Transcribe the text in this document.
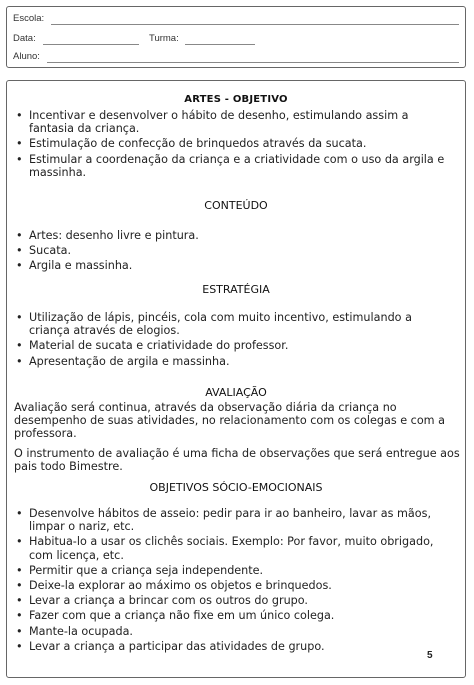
Escola:
Data:	Turma:
Aluno:
ARTES - OBJETIVO
• Incentivar e desenvolver o hábito de desenho, estimulando assim a fantasia da criança.
• Estimulação de confecção de brinquedos através da sucata.
• Estimular a coordenação da criança e a criatividade com o uso da argila e massinha.
CONTEÚDO
• Artes: desenho livre e pintura.
• Sucata.
• Argila e massinha.
ESTRATÉGIA
• Utilização de lápis, pincéis, cola com muito incentivo, estimulando a criança através de elogios.
• Material de sucata e criatividade do professor.
• Apresentação de argila e massinha.
AVALIAÇÃO

Avaliação será continua, através da observação diária da criança no desempenho de suas atividades, no relacionamento com os colegas e com a professora.

O instrumento de avaliação é uma ficha de observações que será entregue aos pais todo Bimestre.

OBJETIVOS SÓCIO-EMOCIONAIS
• Desenvolve hábitos de asseio: pedir para ir ao banheiro, lavar as mãos, limpar o nariz, etc.
• Habitua-lo a usar os clichês sociais. Exemplo: Por favor, muito obrigado, com licença, etc.
• Permitir que a criança seja independente.
• Deixe-la explorar ao máximo os objetos e brinquedos.
• Levar a criança a brincar com os outros do grupo.
• Fazer com que a criança não fixe em um único colega.
• Mante-la ocupada.
• Levar a criança a participar das atividades de grupo.
5
